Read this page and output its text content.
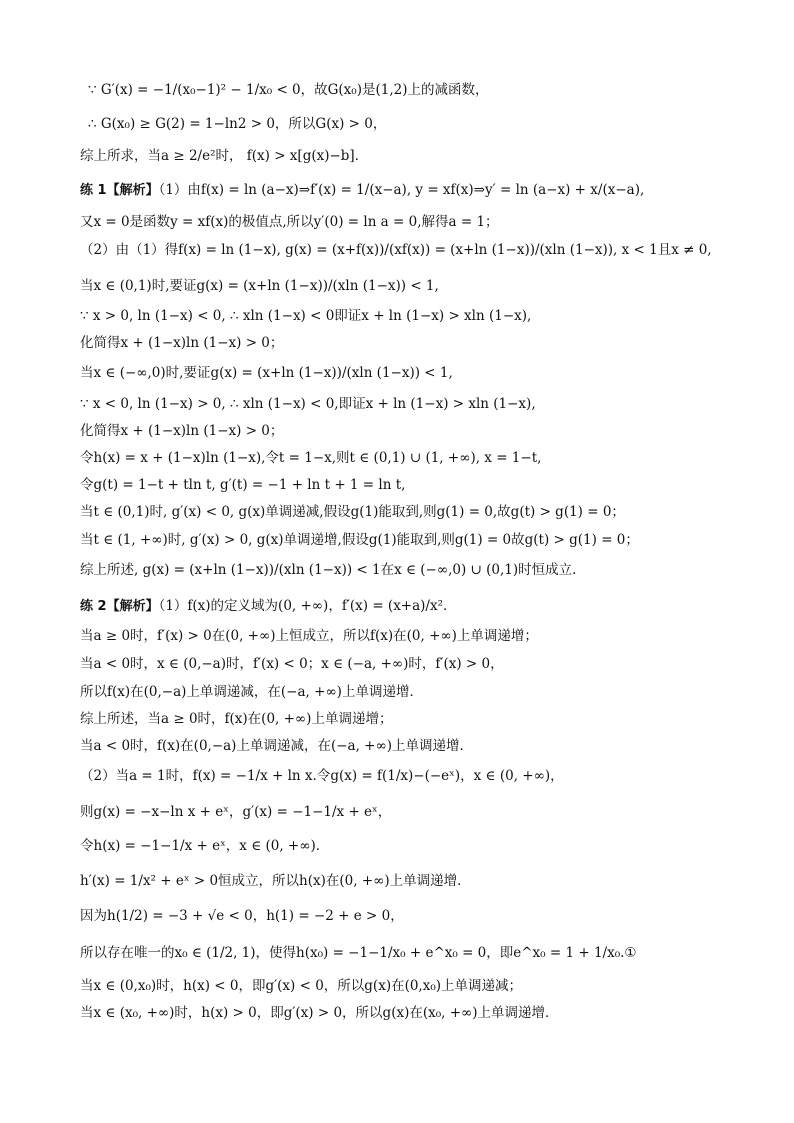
∵ G′(x) = −1/(x₀−1)² − 1/x₀ < 0，故G(x₀)是(1,2)上的减函数，
∴ G(x₀) ≥ G(2) = 1−ln2 > 0，所以G(x) > 0，
综上所求，当a ≥ 2/e²时， f(x) > x[g(x)−b]．
练 1【解析】（1）由f(x) = ln (a−x)⇒f′(x) = 1/(x−a), y = xf(x)⇒y′ = ln (a−x) + x/(x−a),
又x = 0是函数y = xf(x)的极值点,所以y′(0) = ln a = 0,解得a = 1；
（2）由（1）得f(x) = ln (1−x), g(x) = (x+f(x))/(xf(x)) = (x+ln (1−x))/(xln (1−x)), x < 1且x ≠ 0,
当x ∈ (0,1)时,要证g(x) = (x+ln (1−x))/(xln (1−x)) < 1,
∵ x > 0, ln (1−x) < 0, ∴ xln (1−x) < 0即证x + ln (1−x) > xln (1−x),
化简得x + (1−x)ln (1−x) > 0；
当x ∈ (−∞,0)时,要证g(x) = (x+ln (1−x))/(xln (1−x)) < 1,
∵ x < 0, ln (1−x) > 0, ∴ xln (1−x) < 0,即证x + ln (1−x) > xln (1−x),
化简得x + (1−x)ln (1−x) > 0；
令h(x) = x + (1−x)ln (1−x),令t = 1−x,则t ∈ (0,1) ∪ (1, +∞), x = 1−t,
令g(t) = 1−t + tln t, g′(t) = −1 + ln t + 1 = ln t,
当t ∈ (0,1)时, g′(x) < 0, g(x)单调递减,假设g(1)能取到,则g(1) = 0,故g(t) > g(1) = 0；
当t ∈ (1, +∞)时, g′(x) > 0, g(x)单调递增,假设g(1)能取到,则g(1) = 0故g(t) > g(1) = 0；
综上所述, g(x) = (x+ln (1−x))/(xln (1−x)) < 1在x ∈ (−∞,0) ∪ (0,1)时恒成立.
练 2【解析】（1）f(x)的定义域为(0, +∞)，f′(x) = (x+a)/x²．
当a ≥ 0时，f′(x) > 0在(0, +∞)上恒成立，所以f(x)在(0, +∞)上单调递增；
当a < 0时，x ∈ (0,−a)时，f′(x) < 0；x ∈ (−a, +∞)时，f′(x) > 0，
所以f(x)在(0,−a)上单调递减，在(−a, +∞)上单调递增．
综上所述，当a ≥ 0时，f(x)在(0, +∞)上单调递增；
当a < 0时，f(x)在(0,−a)上单调递减，在(−a, +∞)上单调递增．
（2）当a = 1时，f(x) = −1/x + ln x.令g(x) = f(1/x)−(−eˣ)，x ∈ (0, +∞)，
则g(x) = −x−ln x + eˣ，g′(x) = −1−1/x + eˣ，
令h(x) = −1−1/x + eˣ，x ∈ (0, +∞)．
h′(x) = 1/x² + eˣ > 0恒成立，所以h(x)在(0, +∞)上单调递增．
因为h(1/2) = −3 + √e < 0，h(1) = −2 + e > 0，
所以存在唯一的x₀ ∈ (1/2, 1)，使得h(x₀) = −1−1/x₀ + e^x₀ = 0，即e^x₀ = 1 + 1/x₀.①
当x ∈ (0,x₀)时，h(x) < 0，即g′(x) < 0，所以g(x)在(0,x₀)上单调递减；
当x ∈ (x₀, +∞)时，h(x) > 0，即g′(x) > 0，所以g(x)在(x₀, +∞)上单调递增．
